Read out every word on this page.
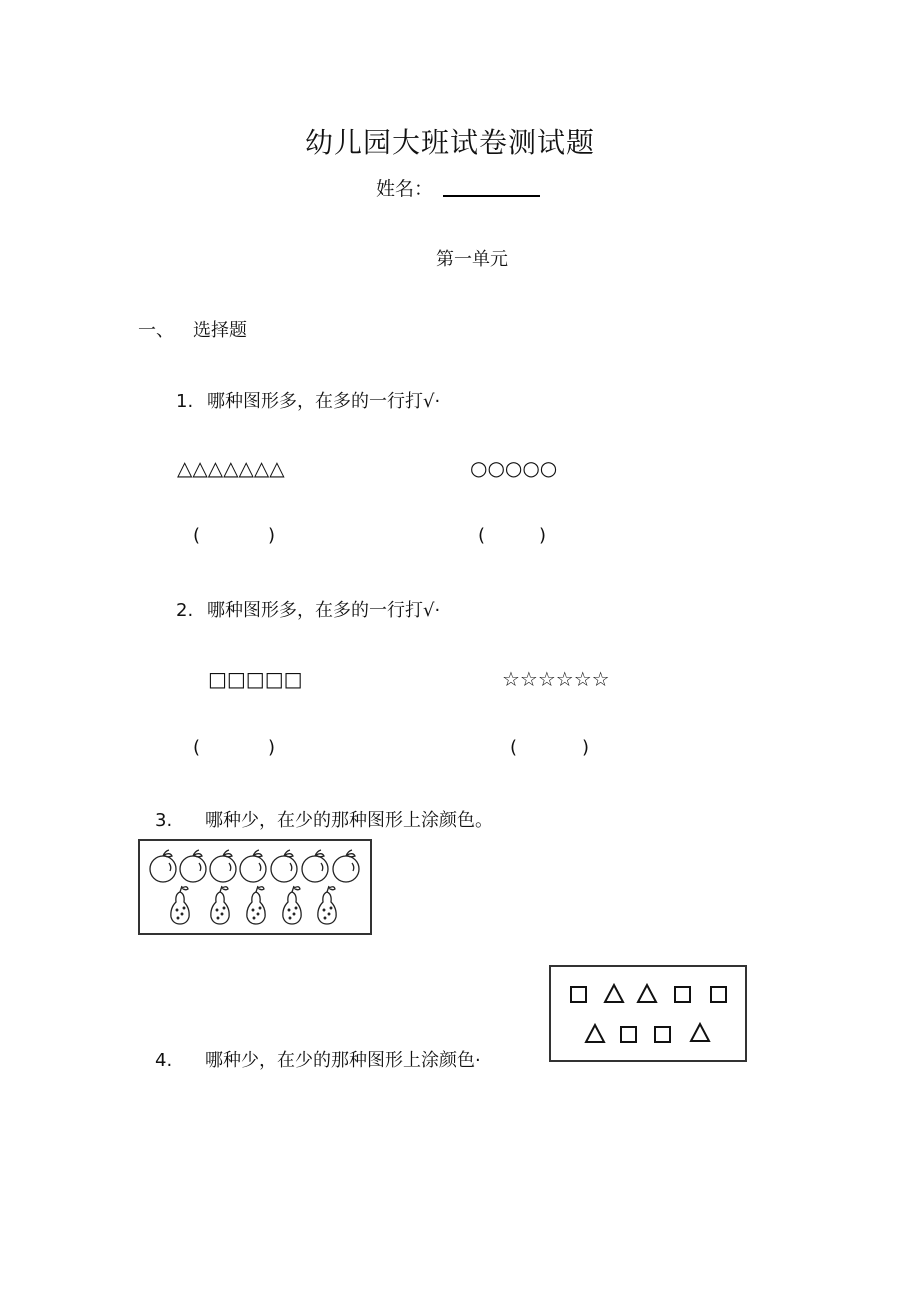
幼儿园大班试卷测试题
姓名：
第一单元
一、 选择题
1. 哪种图形多，在多的一行打√·
△△△△△△△	○○○○○
(	)	(	)
2. 哪种图形多，在多的一行打√·
□□□□□	☆☆☆☆☆☆
(	)	(	)
3. 哪种少，在少的那种图形上涂颜色。
4. 哪种少，在少的那种图形上涂颜色·
